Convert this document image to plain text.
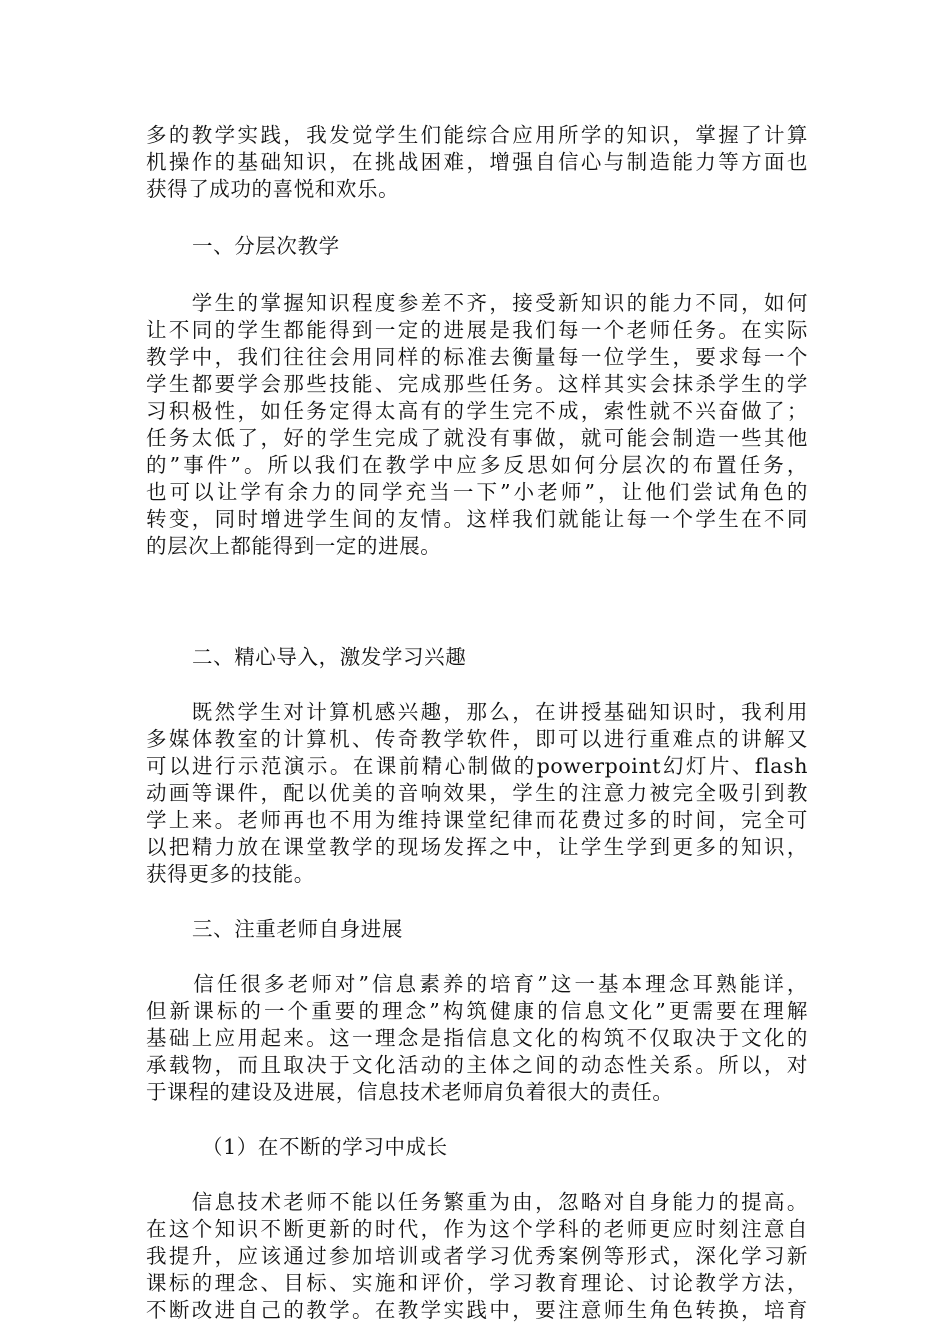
多的教学实践，我发觉学生们能综合应用所学的知识，掌握了计算
机操作的基础知识，在挑战困难，增强自信心与制造能力等方面也
获得了成功的喜悦和欢乐。
一、分层次教学
　　学生的掌握知识程度参差不齐，接受新知识的能力不同，如何
让不同的学生都能得到一定的进展是我们每一个老师任务。在实际
教学中，我们往往会用同样的标准去衡量每一位学生，要求每一个
学生都要学会那些技能、完成那些任务。这样其实会抹杀学生的学
习积极性，如任务定得太高有的学生完不成，索性就不兴奋做了；
任务太低了，好的学生完成了就没有事做，就可能会制造一些其他
的”事件”。所以我们在教学中应多反思如何分层次的布置任务，
也可以让学有余力的同学充当一下”小老师”，让他们尝试角色的
转变，同时增进学生间的友情。这样我们就能让每一个学生在不同
的层次上都能得到一定的进展。
二、精心导入，激发学习兴趣
　　既然学生对计算机感兴趣，那么，在讲授基础知识时，我利用
多媒体教室的计算机、传奇教学软件，即可以进行重难点的讲解又
可以进行示范演示。在课前精心制做的powerpoint幻灯片、flash
动画等课件，配以优美的音响效果，学生的注意力被完全吸引到教
学上来。老师再也不用为维持课堂纪律而花费过多的时间，完全可
以把精力放在课堂教学的现场发挥之中，让学生学到更多的知识，
获得更多的技能。
三、注重老师自身进展
　　信任很多老师对”信息素养的培育”这一基本理念耳熟能详，
但新课标的一个重要的理念”构筑健康的信息文化”更需要在理解
基础上应用起来。这一理念是指信息文化的构筑不仅取决于文化的
承载物，而且取决于文化活动的主体之间的动态性关系。所以，对
于课程的建设及进展，信息技术老师肩负着很大的责任。
（1）在不断的学习中成长
　　信息技术老师不能以任务繁重为由，忽略对自身能力的提高。
在这个知识不断更新的时代，作为这个学科的老师更应时刻注意自
我提升，应该通过参加培训或者学习优秀案例等形式，深化学习新
课标的理念、目标、实施和评价，学习教育理论、讨论教学方法，
不断改进自己的教学。在教学实践中，要注意师生角色转换，培育
